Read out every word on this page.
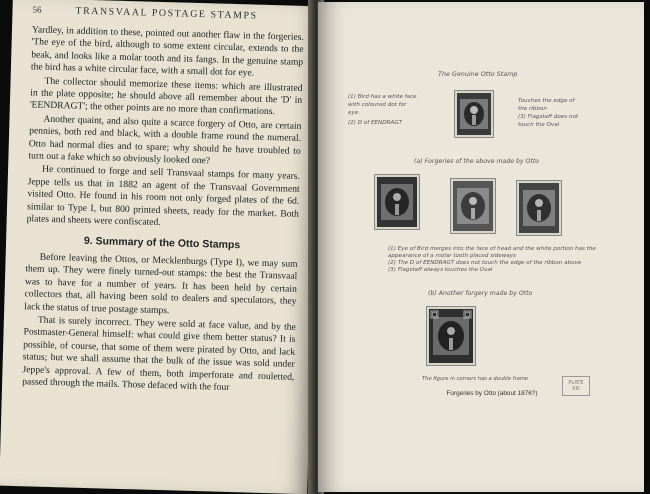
56	TRANSVAAL POSTAGE STAMPS

Yardley, in addition to these, pointed out another flaw in the forgeries. 'The eye of the bird, although to some extent circular, extends to the beak, and looks like a molar tooth and its fangs. In the genuine stamp the bird has a white circular face, with a small dot for eye.

The collector should memorize these items: which are illustrated in the plate opposite; he should above all remember about the 'D' in 'EENDRAGT'; the other points are no more than confirmations.

Another quaint, and also quite a scarce forgery of Otto, are certain pennies, both red and black, with a double frame round the numeral. Otto had normal dies and to spare; why should he have troubled to turn out a fake which so obviously looked one?

He continued to forge and sell Transvaal stamps for many years. Jeppe tells us that in 1882 an agent of the Transvaal Government visited Otto. He found in his room not only forged plates of the 6d. similar to Type I, but 800 printed sheets, ready for the market. Both plates and sheets were confiscated.

9. Summary of the Otto Stamps

Before leaving the Ottos, or Mecklenburgs (Type I), we may sum them up. They were finely turned-out stamps: the best the Transvaal was to have for a number of years. It has been held by certain collectors that, all having been sold to dealers and speculators, they lack the status of true postage stamps.

That is surely incorrect. They were sold at face value, and by the Postmaster-General himself: what could give them better status? It is possible, of course, that some of them were pirated by Otto, and lack status; but we shall assume that the bulk of the issue was sold under Jeppe's approval. A few of them, both imperforate and rouletted, passed through the mails. Those defaced with the four

The Genuine Otto Stamp
(1) Bird has a white face
with coloured dot for
eye.
(2) D of EENDRAGT
Touches the edge of
the ribbon
(3) Flagstaff does not
touch the Oval
(a) Forgeries of the above made by Otto
(1) Eye of Bird merges into the face of head and the white portion has the
appearance of a molar tooth placed sideways
(2) The D of EENDRAGT does not touch the edge of the ribbon above
(3) Flagstaff always touches the Oval
(b) Another forgery made by Otto
The figure in corners has a double frame
Forgeries by Otto (about 1876?)
PLATE
XIII
